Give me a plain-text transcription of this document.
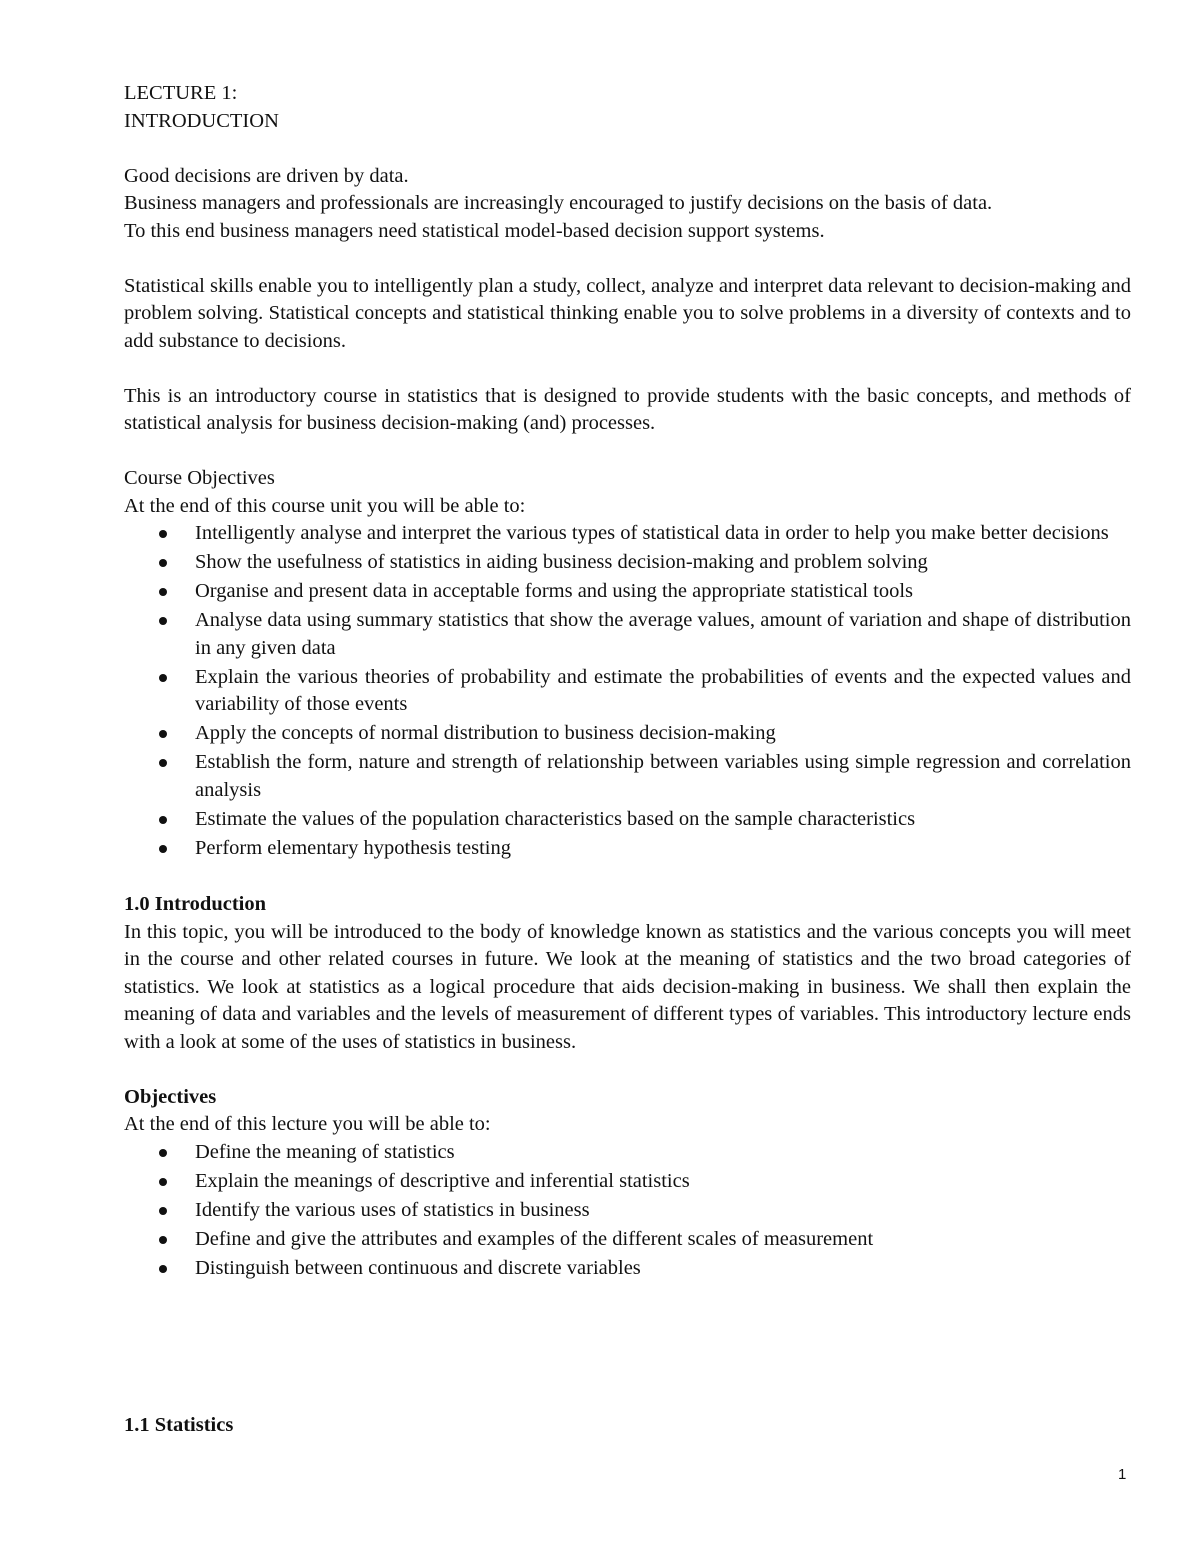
LECTURE 1:

INTRODUCTION

Good decisions are driven by data.

Business managers and professionals are increasingly encouraged to justify decisions on the basis of data.

To this end business managers need statistical model-based decision support systems.

Statistical skills enable you to intelligently plan a study, collect, analyze and interpret data relevant to decision-making and problem solving. Statistical concepts and statistical thinking enable you to solve problems in a diversity of contexts and to add substance to decisions.

This is an introductory course in statistics that is designed to provide students with the basic concepts, and methods of statistical analysis for business decision-making (and) processes.

Course Objectives

At the end of this course unit you will be able to:

Intelligently analyse and interpret the various types of statistical data in order to help you make better decisions
Show the usefulness of statistics in aiding business decision-making and problem solving
Organise and present data in acceptable forms and using the appropriate statistical tools
Analyse data using summary statistics that show the average values, amount of variation and shape of distribution in any given data
Explain the various theories of probability and estimate the probabilities of events and the expected values and variability of those events
Apply the concepts of normal distribution to business decision-making
Establish the form, nature and strength of relationship between variables using simple regression and correlation analysis
Estimate the values of the population characteristics based on the sample characteristics
Perform elementary hypothesis testing

1.0 Introduction

In this topic, you will be introduced to the body of knowledge known as statistics and the various concepts you will meet in the course and other related courses in future. We look at the meaning of statistics and the two broad categories of statistics. We look at statistics as a logical procedure that aids decision-making in business. We shall then explain the meaning of data and variables and the levels of measurement of different types of variables. This introductory lecture ends with a look at some of the uses of statistics in business.

Objectives

At the end of this lecture you will be able to:

Define the meaning of statistics
Explain the meanings of descriptive and inferential statistics
Identify the various uses of statistics in business
Define and give the attributes and examples of the different scales of measurement
Distinguish between continuous and discrete variables

1.1 Statistics

1
